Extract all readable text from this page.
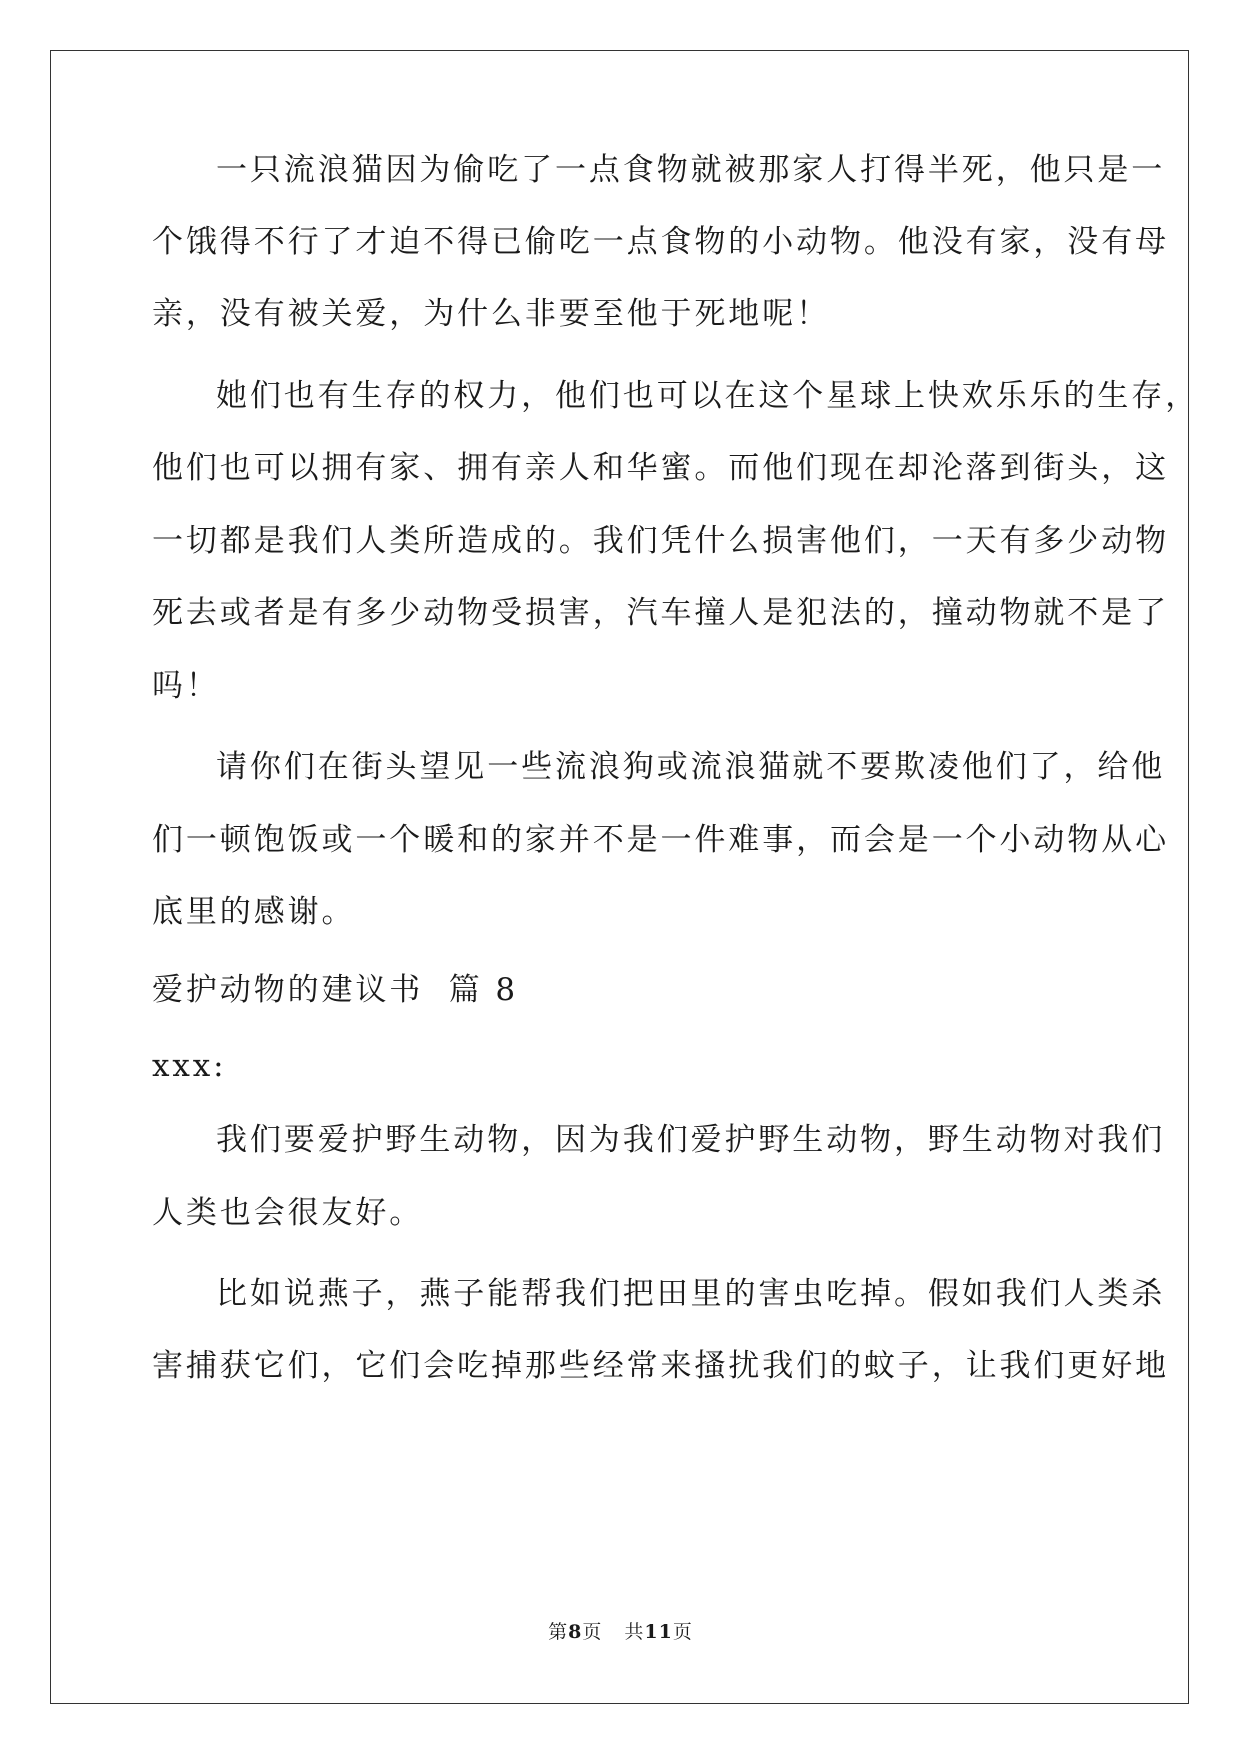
一只流浪猫因为偷吃了一点食物就被那家人打得半死，他只是一
个饿得不行了才迫不得已偷吃一点食物的小动物。他没有家，没有母
亲，没有被关爱，为什么非要至他于死地呢！
她们也有生存的权力，他们也可以在这个星球上快欢乐乐的生存，
他们也可以拥有家、拥有亲人和华蜜。而他们现在却沦落到街头，这
一切都是我们人类所造成的。我们凭什么损害他们，一天有多少动物
死去或者是有多少动物受损害，汽车撞人是犯法的，撞动物就不是了
吗！
请你们在街头望见一些流浪狗或流浪猫就不要欺凌他们了，给他
们一顿饱饭或一个暖和的家并不是一件难事，而会是一个小动物从心
底里的感谢。
爱护动物的建议书  篇 8
xxx:
我们要爱护野生动物，因为我们爱护野生动物，野生动物对我们
人类也会很友好。
比如说燕子，燕子能帮我们把田里的害虫吃掉。假如我们人类杀
害捕获它们，它们会吃掉那些经常来搔扰我们的蚊子，让我们更好地
第8页 共11页
